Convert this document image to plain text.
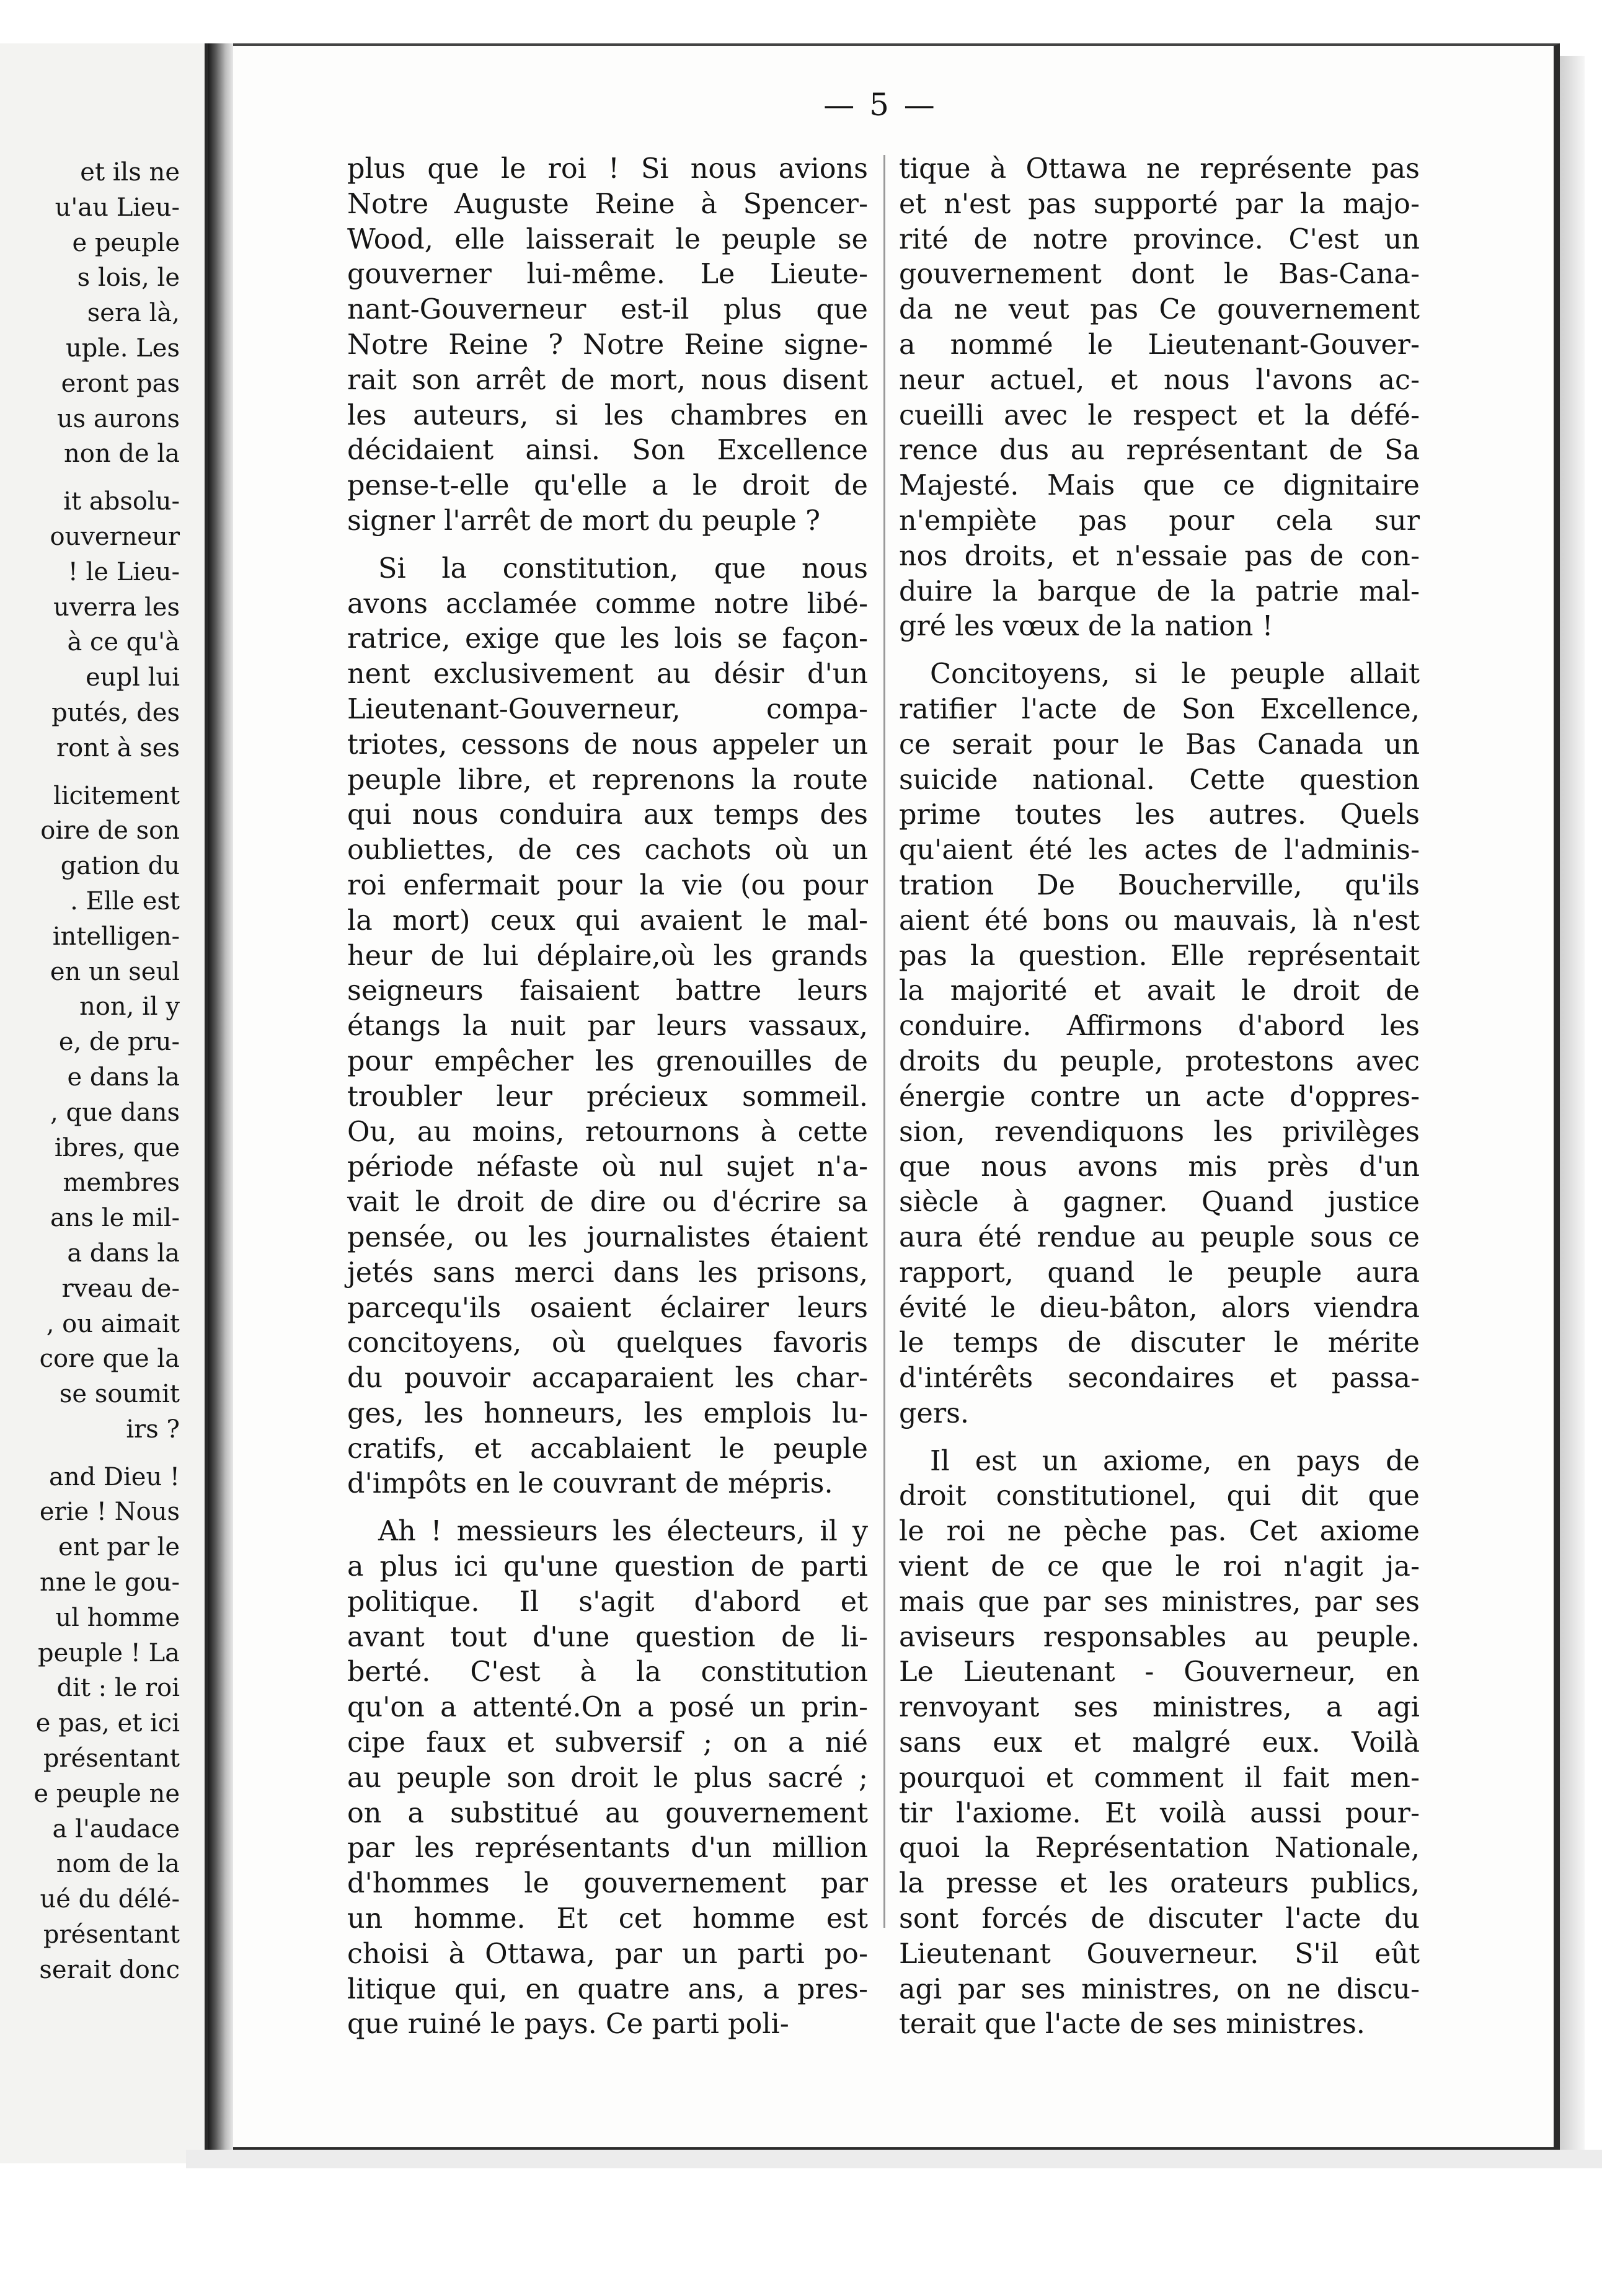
et ils ne
u'au Lieu-
e peuple
s lois, le
sera là,
uple. Les
eront pas
us aurons
non de la
it absolu-
ouverneur
! le Lieu-
uverra les
à ce qu'à
eupl lui
putés, des
ront à ses
licitement
oire de son
gation du
. Elle est
intelligen-
en un seul
non, il y
e, de pru-
e dans la
, que dans
ibres, que
membres
ans le mil-
a dans la
rveau de-
, ou aimait
core que la
se soumit
irs ?
and Dieu !
erie ! Nous
ent par le
nne le gou-
ul homme
peuple ! La
dit : le roi
e pas, et ici
présentant
e peuple ne
a l'audace
nom de la
ué du délé-
présentant
serait donc
— 5 —
plus que le roi ! Si nous avions
Notre Auguste Reine à Spencer-
Wood, elle laisserait le peuple se
gouverner lui-même. Le Lieute-
nant-Gouverneur est-il plus que
Notre Reine ? Notre Reine signe-
rait son arrêt de mort, nous disent
les auteurs, si les chambres en
décidaient ainsi. Son Excellence
pense-t-elle qu'elle a le droit de
signer l'arrêt de mort du peuple ?
Si la constitution, que nous
avons acclamée comme notre libé-
ratrice, exige que les lois se façon-
nent exclusivement au désir d'un
Lieutenant-Gouverneur, compa-
triotes, cessons de nous appeler un
peuple libre, et reprenons la route
qui nous conduira aux temps des
oubliettes, de ces cachots où un
roi enfermait pour la vie (ou pour
la mort) ceux qui avaient le mal-
heur de lui déplaire,où les grands
seigneurs faisaient battre leurs
étangs la nuit par leurs vassaux,
pour empêcher les grenouilles de
troubler leur précieux sommeil.
Ou, au moins, retournons à cette
période néfaste où nul sujet n'a-
vait le droit de dire ou d'écrire sa
pensée, ou les journalistes étaient
jetés sans merci dans les prisons,
parcequ'ils osaient éclairer leurs
concitoyens, où quelques favoris
du pouvoir accaparaient les char-
ges, les honneurs, les emplois lu-
cratifs, et accablaient le peuple
d'impôts en le couvrant de mépris.
Ah ! messieurs les électeurs, il y
a plus ici qu'une question de parti
politique. Il s'agit d'abord et
avant tout d'une question de li-
berté. C'est à la constitution
qu'on a attenté.On a posé un prin-
cipe faux et subversif ; on a nié
au peuple son droit le plus sacré ;
on a substitué au gouvernement
par les représentants d'un million
d'hommes le gouvernement par
un homme. Et cet homme est
choisi à Ottawa, par un parti po-
litique qui, en quatre ans, a pres-
que ruiné le pays. Ce parti poli-
tique à Ottawa ne représente pas
et n'est pas supporté par la majo-
rité de notre province. C'est un
gouvernement dont le Bas-Cana-
da ne veut pas Ce gouvernement
a nommé le Lieutenant-Gouver-
neur actuel, et nous l'avons ac-
cueilli avec le respect et la défé-
rence dus au représentant de Sa
Majesté. Mais que ce dignitaire
n'empiète pas pour cela sur
nos droits, et n'essaie pas de con-
duire la barque de la patrie mal-
gré les vœux de la nation !
Concitoyens, si le peuple allait
ratifier l'acte de Son Excellence,
ce serait pour le Bas Canada un
suicide national. Cette question
prime toutes les autres. Quels
qu'aient été les actes de l'adminis-
tration De Boucherville, qu'ils
aient été bons ou mauvais, là n'est
pas la question. Elle représentait
la majorité et avait le droit de
conduire. Affirmons d'abord les
droits du peuple, protestons avec
énergie contre un acte d'oppres-
sion, revendiquons les privilèges
que nous avons mis près d'un
siècle à gagner. Quand justice
aura été rendue au peuple sous ce
rapport, quand le peuple aura
évité le dieu-bâton, alors viendra
le temps de discuter le mérite
d'intérêts secondaires et passa-
gers.
Il est un axiome, en pays de
droit constitutionel, qui dit que
le roi ne pèche pas. Cet axiome
vient de ce que le roi n'agit ja-
mais que par ses ministres, par ses
aviseurs responsables au peuple.
Le Lieutenant - Gouverneur, en
renvoyant ses ministres, a agi
sans eux et malgré eux. Voilà
pourquoi et comment il fait men-
tir l'axiome. Et voilà aussi pour-
quoi la Représentation Nationale,
la presse et les orateurs publics,
sont forcés de discuter l'acte du
Lieutenant Gouverneur. S'il eût
agi par ses ministres, on ne discu-
terait que l'acte de ses ministres.
